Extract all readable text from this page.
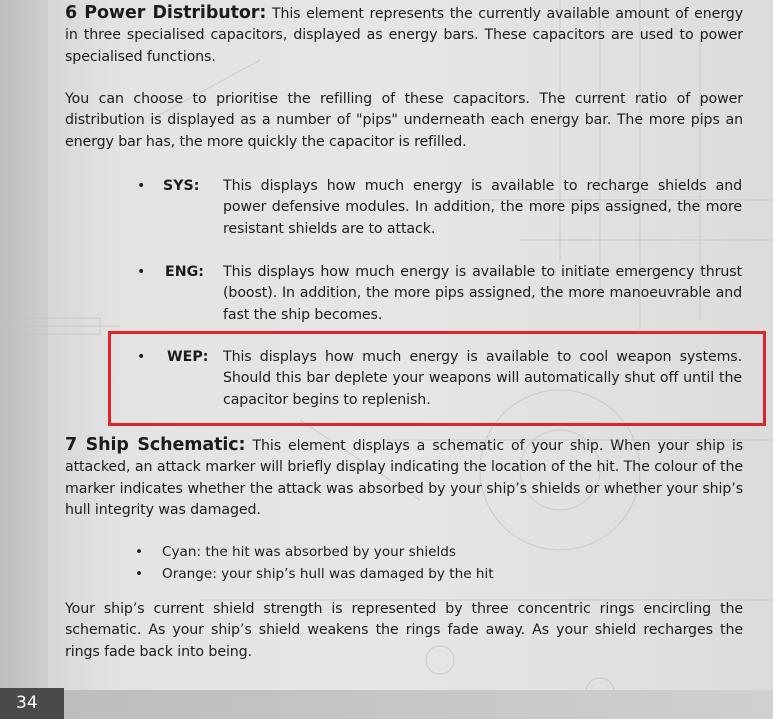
6 Power Distributor: This element represents the currently available amount of energy in three specialised capacitors, displayed as energy bars. These capacitors are used to power specialised functions.

You can choose to prioritise the refilling of these capacitors. The current ratio of power distribution is displayed as a number of "pips" underneath each energy bar. The more pips an energy bar has, the more quickly the capacitor is refilled.

• SYS: This displays how much energy is available to recharge shields and power defensive modules. In addition, the more pips assigned, the more resistant shields are to attack.
• ENG: This displays how much energy is available to initiate emergency thrust (boost). In addition, the more pips assigned, the more manoeuvrable and fast the ship becomes.
• WEP: This displays how much energy is available to cool weapon systems. Should this bar deplete your weapons will automatically shut off until the capacitor begins to replenish.

7 Ship Schematic: This element displays a schematic of your ship. When your ship is attacked, an attack marker will briefly display indicating the location of the hit. The colour of the marker indicates whether the attack was absorbed by your ship’s shields or whether your ship’s hull integrity was damaged.

• Cyan: the hit was absorbed by your shields
• Orange: your ship’s hull was damaged by the hit

Your ship’s current shield strength is represented by three concentric rings encircling the schematic. As your ship’s shield weakens the rings fade away. As your shield recharges the rings fade back into being.

34
